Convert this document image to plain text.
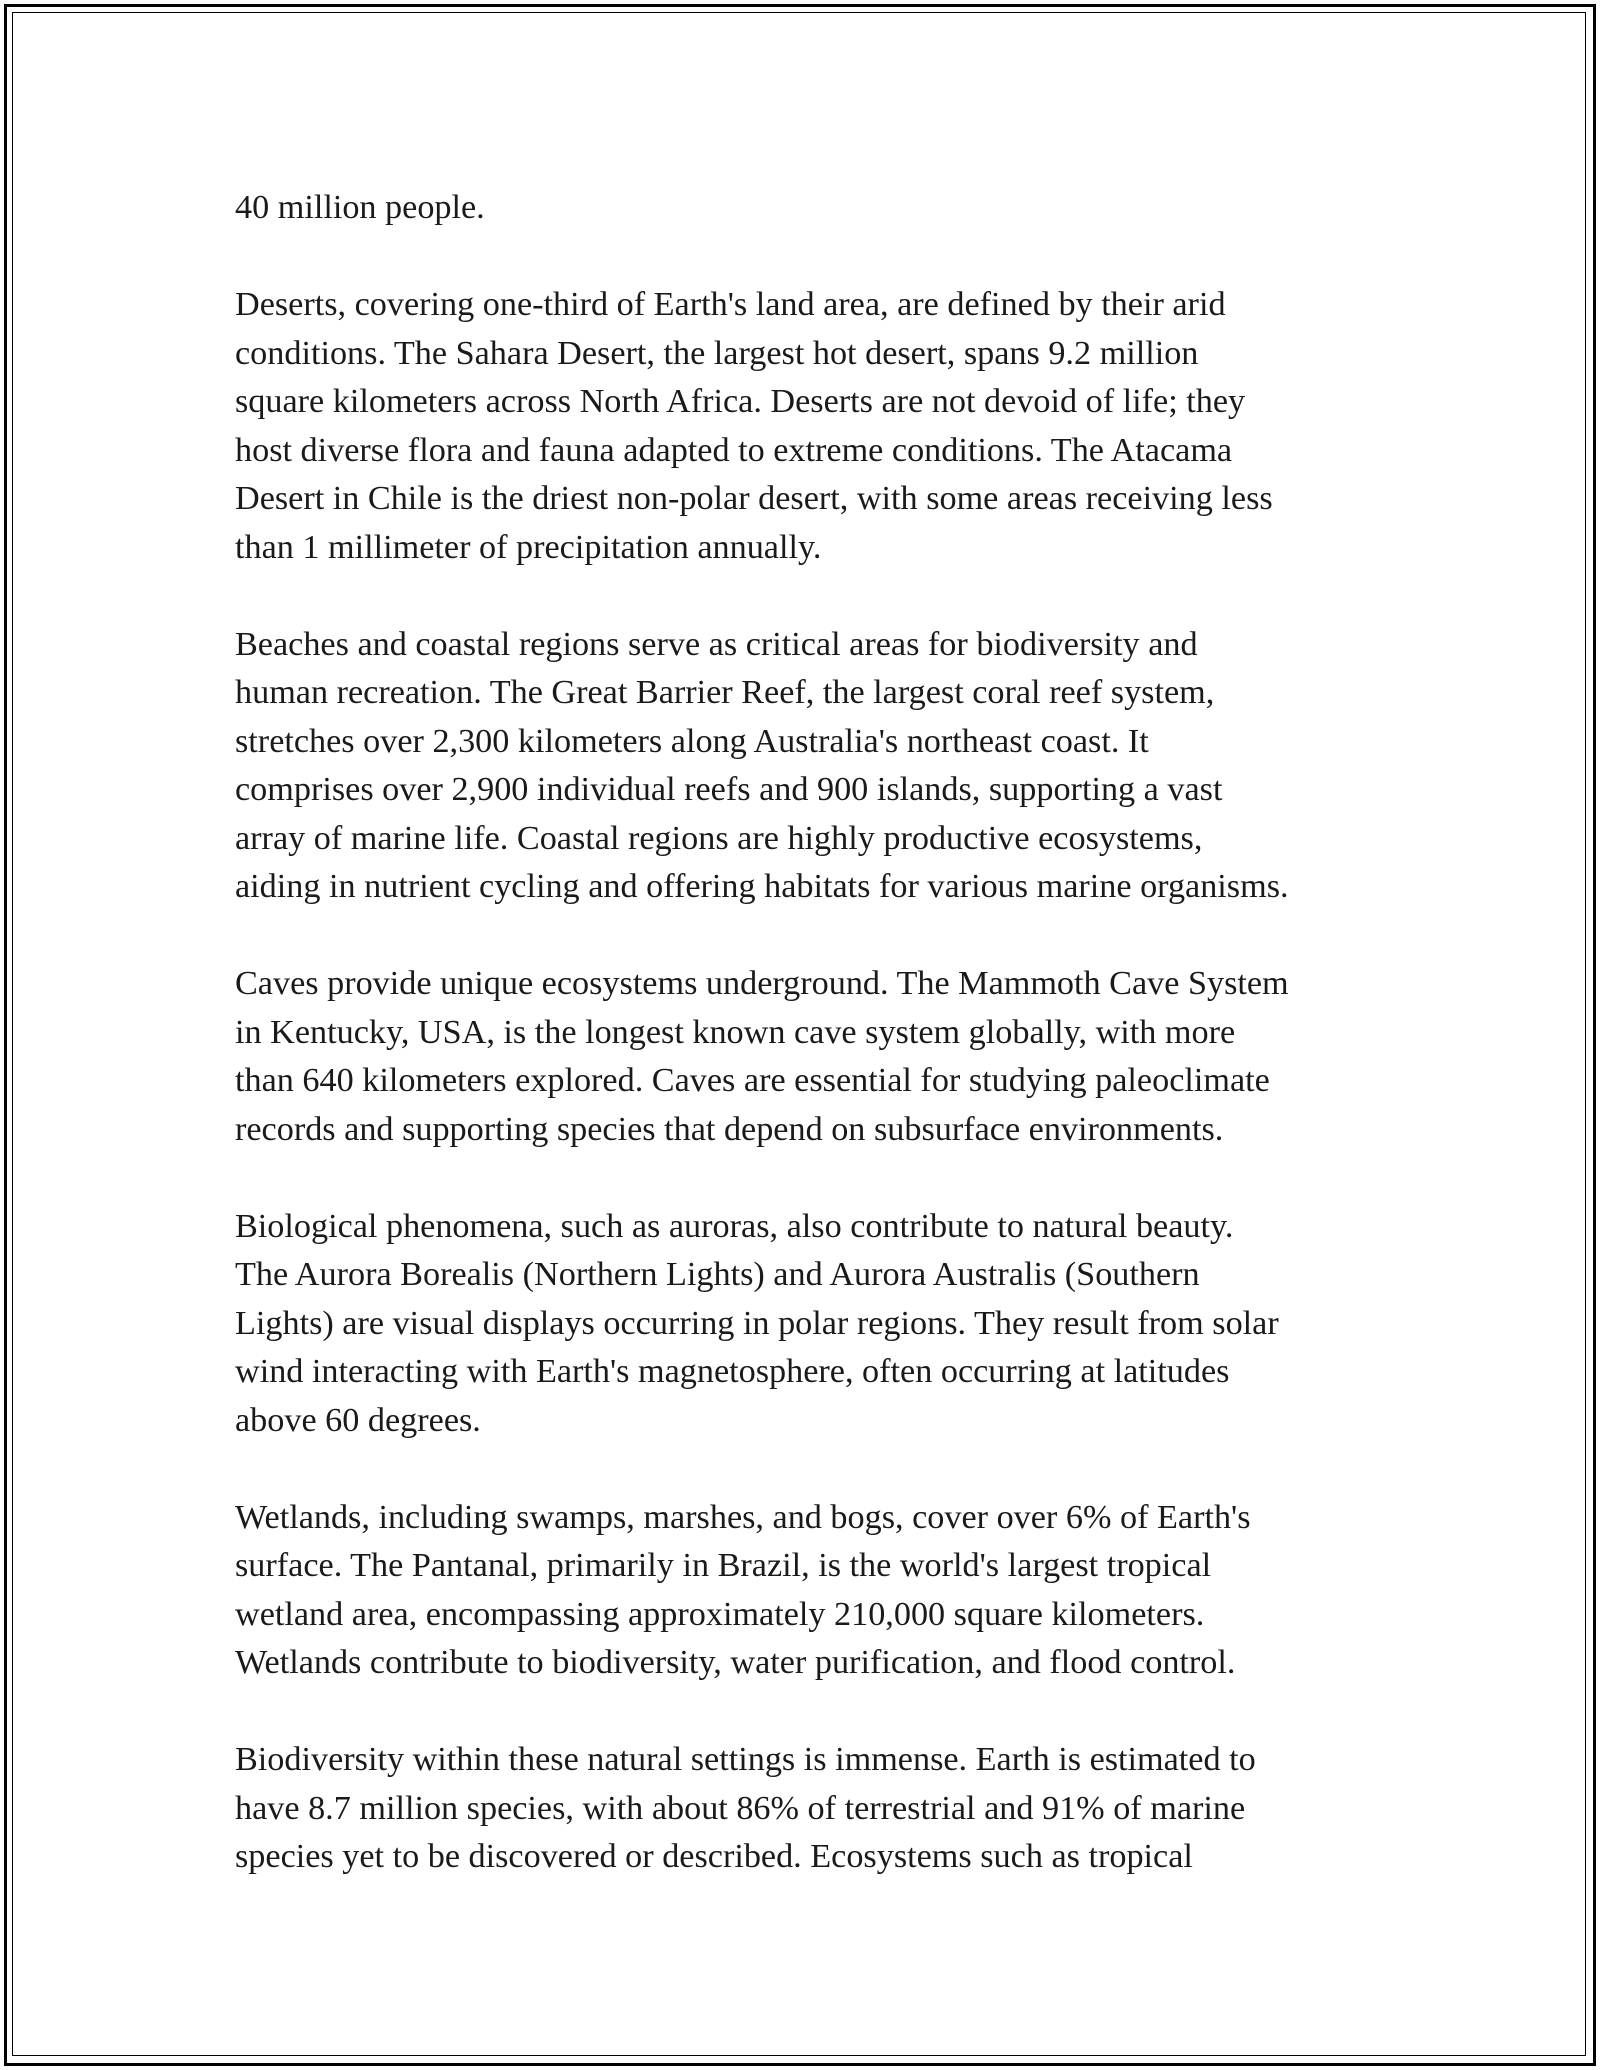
40 million people.
Deserts, covering one-third of Earth's land area, are defined by their arid
conditions. The Sahara Desert, the largest hot desert, spans 9.2 million
square kilometers across North Africa. Deserts are not devoid of life; they
host diverse flora and fauna adapted to extreme conditions. The Atacama
Desert in Chile is the driest non-polar desert, with some areas receiving less
than 1 millimeter of precipitation annually.
Beaches and coastal regions serve as critical areas for biodiversity and
human recreation. The Great Barrier Reef, the largest coral reef system,
stretches over 2,300 kilometers along Australia's northeast coast. It
comprises over 2,900 individual reefs and 900 islands, supporting a vast
array of marine life. Coastal regions are highly productive ecosystems,
aiding in nutrient cycling and offering habitats for various marine organisms.
Caves provide unique ecosystems underground. The Mammoth Cave System
in Kentucky, USA, is the longest known cave system globally, with more
than 640 kilometers explored. Caves are essential for studying paleoclimate
records and supporting species that depend on subsurface environments.
Biological phenomena, such as auroras, also contribute to natural beauty.
The Aurora Borealis (Northern Lights) and Aurora Australis (Southern
Lights) are visual displays occurring in polar regions. They result from solar
wind interacting with Earth's magnetosphere, often occurring at latitudes
above 60 degrees.
Wetlands, including swamps, marshes, and bogs, cover over 6% of Earth's
surface. The Pantanal, primarily in Brazil, is the world's largest tropical
wetland area, encompassing approximately 210,000 square kilometers.
Wetlands contribute to biodiversity, water purification, and flood control.
Biodiversity within these natural settings is immense. Earth is estimated to
have 8.7 million species, with about 86% of terrestrial and 91% of marine
species yet to be discovered or described. Ecosystems such as tropical
